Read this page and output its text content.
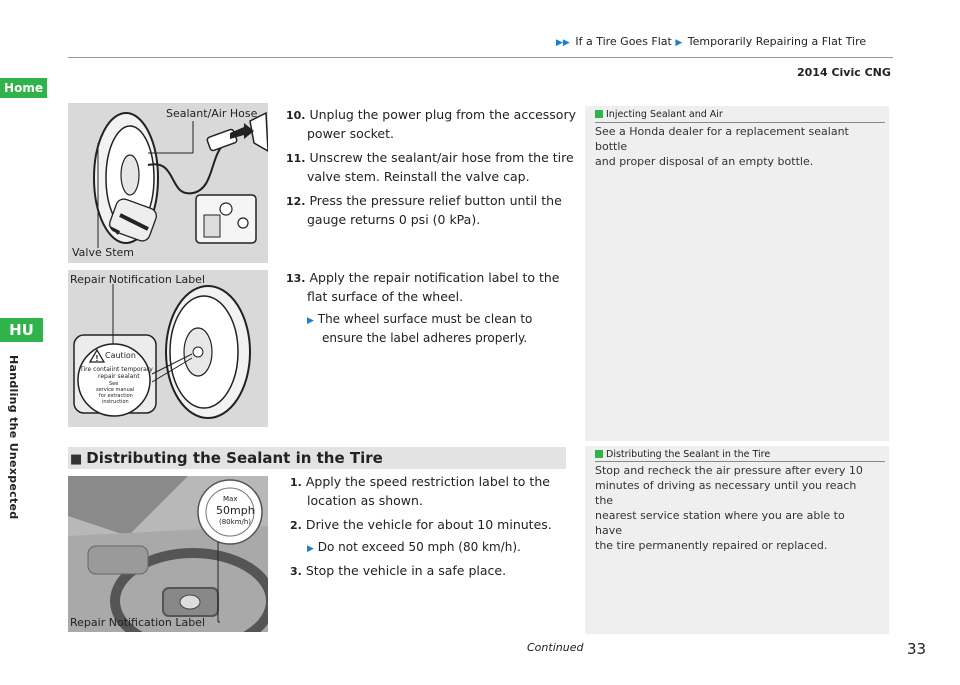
▶▶ If a Tire Goes Flat ▶ Temporarily Repairing a Flat Tire
2014 Civic CNG
Home
HU
Handling the Unexpected
Sealant/Air Hose
Valve Stem
!
Repair Notification Label
Caution
Tire contaiint temporary
repair sealant
See
service manual
for extraction
instruction
10. Unplug the power plug from the accessory
power socket.
11. Unscrew the sealant/air hose from the tire
valve stem. Reinstall the valve cap.
12. Press the pressure relief button until the
gauge returns 0 psi (0 kPa).
13. Apply the repair notification label to the
flat surface of the wheel.
▶ The wheel surface must be clean to
ensure the label adheres properly.
Injecting Sealant and Air
See a Honda dealer for a replacement sealant bottle
and proper disposal of an empty bottle.
■ Distributing the Sealant in the Tire	Distributing the Sealant in the Tire
Stop and recheck the air pressure after every 10
minutes of driving as necessary until you reach the
nearest service station where you are able to have
the tire permanently repaired or replaced.
Max
50mph
(80km/h)
Repair Notification Label
1. Apply the speed restriction label to the
location as shown.
2. Drive the vehicle for about 10 minutes.
▶ Do not exceed 50 mph (80 km/h).
3. Stop the vehicle in a safe place.
Continued	33
